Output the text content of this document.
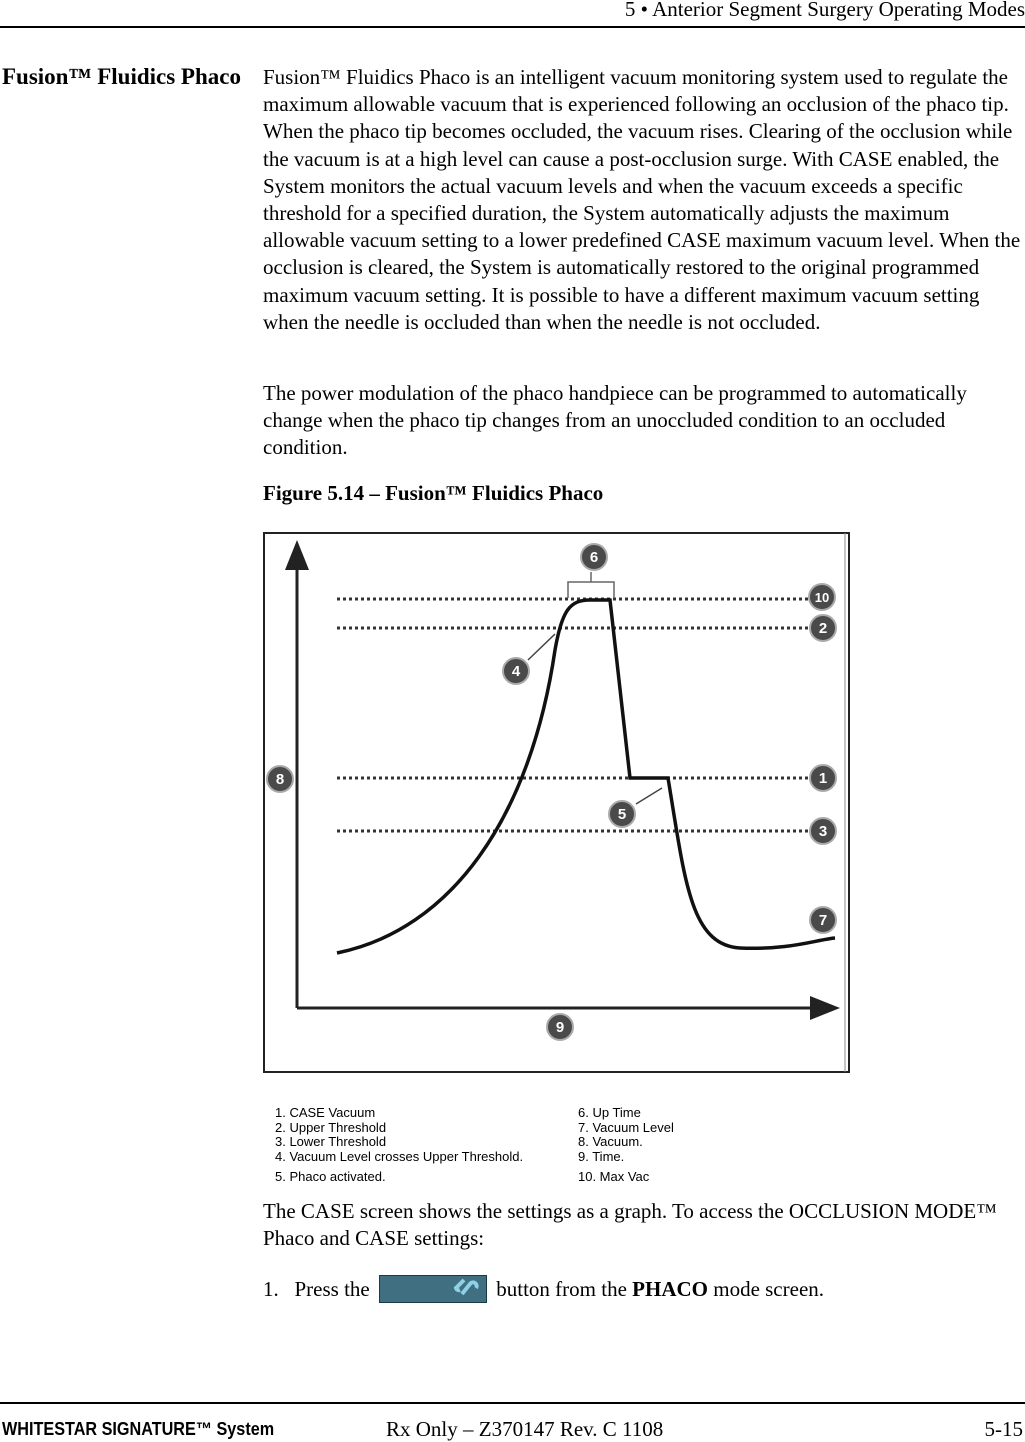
5 • Anterior Segment Surgery Operating Modes
Fusion™ Fluidics Phaco Fusion™ Fluidics Phaco is an intelligent vacuum monitoring system used to regulate the maximum allowable vacuum that is experienced following an occlusion of the phaco tip. When the phaco tip becomes occluded, the vacuum rises. Clearing of the occlusion while the vacuum is at a high level can cause a post-occlusion surge. With CASE enabled, the System monitors the actual vacuum levels and when the vacuum exceeds a specific threshold for a specified duration, the System automatically adjusts the maximum allowable vacuum setting to a lower predefined CASE maximum vacuum level. When the occlusion is cleared, the System is automatically restored to the original programmed maximum vacuum setting. It is possible to have a different maximum vacuum setting when the needle is occluded than when the needle is not occluded.
The power modulation of the phaco handpiece can be programmed to automatically change when the phaco tip changes from an unoccluded condition to an occluded condition.
Figure 5.14 – Fusion™ Fluidics Phaco
1
2
3
4
5
6
7
8
9
10
1. CASE Vacuum
2. Upper Threshold
3. Lower Threshold
4. Vacuum Level crosses Upper Threshold.
5. Phaco activated.
6. Up Time
7. Vacuum Level
8. Vacuum.
9. Time.
10. Max Vac
The CASE screen shows the settings as a graph. To access the OCCLUSION MODE™ Phaco and CASE settings:
1. Press the	button from the PHACO mode screen.
WHITESTAR SIGNATURE™ System	Rx Only – Z370147 Rev. C 1108	5-15
